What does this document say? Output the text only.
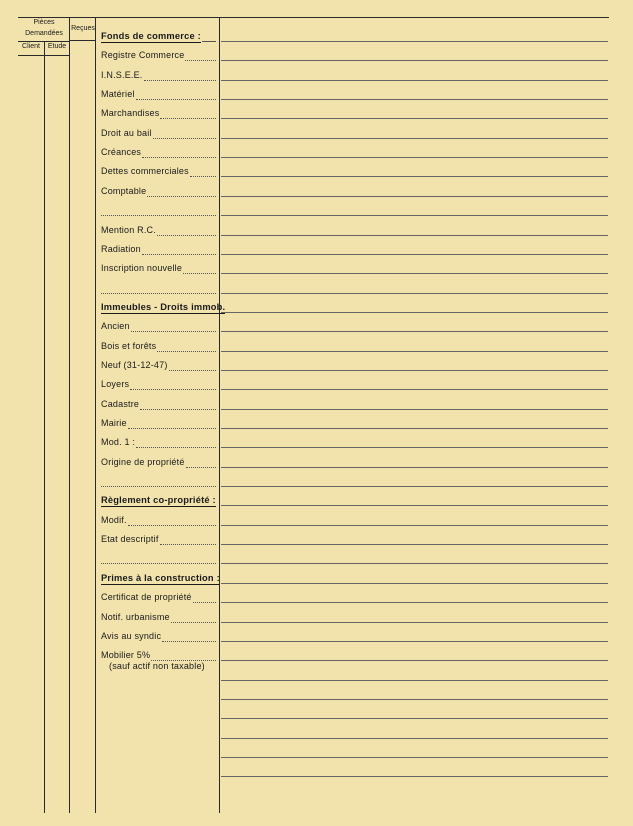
Pièces
Demandées
Reçues
Client	Etude
Fonds de commerce :
Registre Commerce
I.N.S.E.E.
Matériel
Marchandises
Droit au bail
Créances
Dettes commerciales
Comptable
Mention R.C.
Radiation
Inscription nouvelle
Immeubles - Droits immob.
Ancien
Bois et forêts
Neuf (31-12-47)
Loyers
Cadastre
Mairie
Mod. 1 :
Origine de propriété
Règlement co-propriété :
Modif.
Etat descriptif
Primes à la construction :
Certificat de propriété
Notif. urbanisme
Avis au syndic
Mobilier 5%
(sauf actif non taxable)
